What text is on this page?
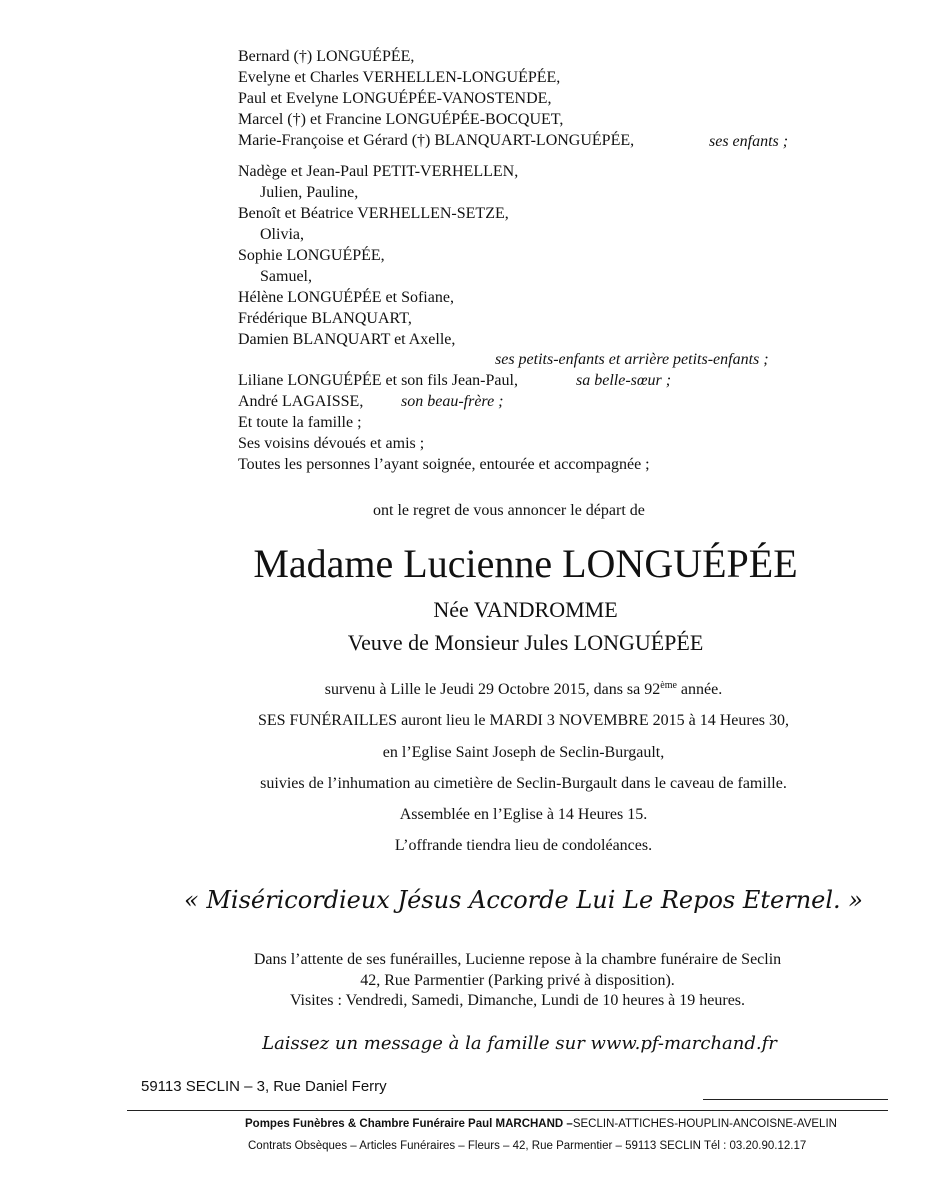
Bernard (†) LONGUÉPÉE,
Evelyne et Charles VERHELLEN-LONGUÉPÉE,
Paul et Evelyne LONGUÉPÉE-VANOSTENDE,
Marcel (†) et Francine LONGUÉPÉE-BOCQUET,
Marie-Françoise et Gérard (†) BLANQUART-LONGUÉPÉE,	ses enfants ;
Nadège et Jean-Paul PETIT-VERHELLEN,
Julien, Pauline,
Benoît et Béatrice VERHELLEN-SETZE,
Olivia,
Sophie LONGUÉPÉE,
Samuel,
Hélène LONGUÉPÉE et Sofiane,
Frédérique BLANQUART,
Damien BLANQUART et Axelle,
ses petits-enfants et arrière petits-enfants ;
Liliane LONGUÉPÉE et son fils Jean-Paul,	sa belle-sœur ;
André LAGAISSE, son beau-frère ;
Et toute la famille ;
Ses voisins dévoués et amis ;
Toutes les personnes l’ayant soignée, entourée et accompagnée ;
ont le regret de vous annoncer le départ de
Madame Lucienne LONGUÉPÉE
Née VANDROMME
Veuve de Monsieur Jules LONGUÉPÉE
survenu à Lille le Jeudi 29 Octobre 2015, dans sa 92ème année.
SES FUNÉRAILLES auront lieu le MARDI 3 NOVEMBRE 2015 à 14 Heures 30,
en l’Eglise Saint Joseph de Seclin-Burgault,
suivies de l’inhumation au cimetière de Seclin-Burgault dans le caveau de famille.
Assemblée en l’Eglise à 14 Heures 15.
L’offrande tiendra lieu de condoléances.
« Miséricordieux Jésus Accorde Lui Le Repos Eternel. »
Dans l’attente de ses funérailles, Lucienne repose à la chambre funéraire de Seclin
42, Rue Parmentier (Parking privé à disposition).
Visites : Vendredi, Samedi, Dimanche, Lundi de 10 heures à 19 heures.
Laissez un message à la famille sur www.pf-marchand.fr
59113 SECLIN – 3, Rue Daniel Ferry
Pompes Funèbres & Chambre Funéraire Paul MARCHAND –SECLIN-ATTICHES-HOUPLIN-ANCOISNE-AVELIN
Contrats Obsèques – Articles Funéraires – Fleurs – 42, Rue Parmentier – 59113 SECLIN Tél : 03.20.90.12.17
